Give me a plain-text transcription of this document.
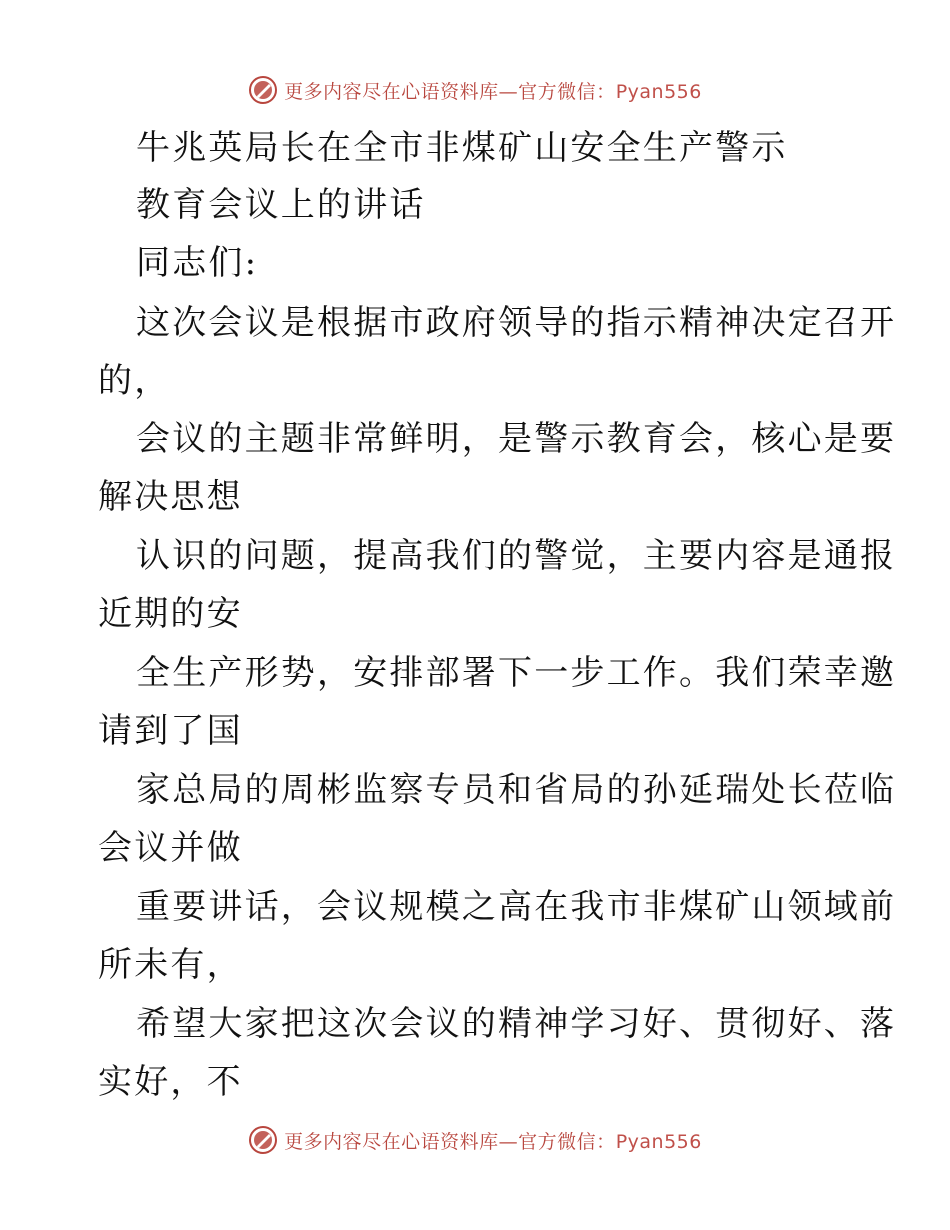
更多内容尽在心语资料库—官方微信：Pyan556
牛兆英局长在全市非煤矿山安全生产警示
教育会议上的讲话
同志们:
这次会议是根据市政府领导的指示精神决定召开
的，
会议的主题非常鲜明，是警示教育会，核心是要
解决思想
认识的问题，提高我们的警觉，主要内容是通报
近期的安
全生产形势，安排部署下一步工作。我们荣幸邀
请到了国
家总局的周彬监察专员和省局的孙延瑞处长莅临
会议并做
重要讲话，会议规模之高在我市非煤矿山领域前
所未有，
希望大家把这次会议的精神学习好、贯彻好、落
实好，不
更多内容尽在心语资料库—官方微信：Pyan556
